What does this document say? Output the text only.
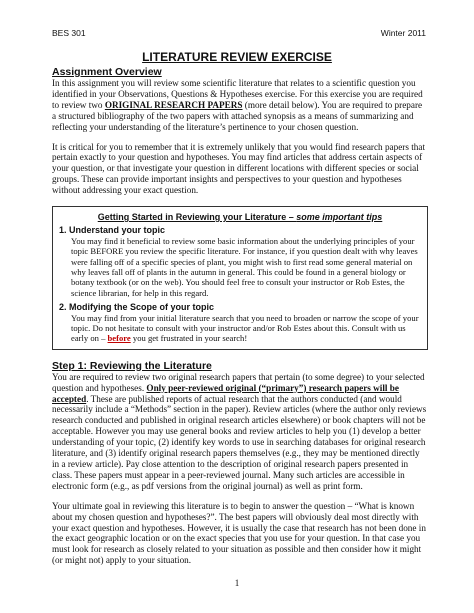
BES 301	Winter 2011
LITERATURE REVIEW EXERCISE
Assignment Overview

In this assignment you will review some scientific literature that relates to a scientific question you identified in your Observations, Questions & Hypotheses exercise. For this exercise you are required to review two ORIGINAL RESEARCH PAPERS (more detail below). You are required to prepare a structured bibliography of the two papers with attached synopsis as a means of summarizing and reflecting your understanding of the literature’s pertinence to your chosen question.

It is critical for you to remember that it is extremely unlikely that you would find research papers that pertain exactly to your question and hypotheses. You may find articles that address certain aspects of your question, or that investigate your question in different locations with different species or social groups. These can provide important insights and perspectives to your question and hypotheses without addressing your exact question.

Getting Started in Reviewing your Literature – some important tips
1. Understand your topic

You may find it beneficial to review some basic information about the underlying principles of your topic BEFORE you review the specific literature. For instance, if you question dealt with why leaves were falling off of a specific species of plant, you might wish to first read some general material on why leaves fall off of plants in the autumn in general. This could be found in a general biology or botany textbook (or on the web). You should feel free to consult your instructor or Rob Estes, the science librarian, for help in this regard.

2. Modifying the Scope of your topic

You may find from your initial literature search that you need to broaden or narrow the scope of your topic. Do not hesitate to consult with your instructor and/or Rob Estes about this. Consult with us early on – before you get frustrated in your search!

Step 1: Reviewing the Literature

You are required to review two original research papers that pertain (to some degree) to your selected question and hypotheses. Only peer-reviewed original (“primary”) research papers will be accepted. These are published reports of actual research that the authors conducted (and would necessarily include a “Methods” section in the paper). Review articles (where the author only reviews research conducted and published in original research articles elsewhere) or book chapters will not be acceptable. However you may use general books and review articles to help you (1) develop a better understanding of your topic, (2) identify key words to use in searching databases for original research literature, and (3) identify original research papers themselves (e.g., they may be mentioned directly in a review article). Pay close attention to the description of original research papers presented in class. These papers must appear in a peer-reviewed journal. Many such articles are accessible in electronic form (e.g., as pdf versions from the original journal) as well as print form.

Your ultimate goal in reviewing this literature is to begin to answer the question – “What is known about my chosen question and hypotheses?”. The best papers will obviously deal most directly with your exact question and hypotheses. However, it is usually the case that research has not been done in the exact geographic location or on the exact species that you use for your question. In that case you must look for research as closely related to your situation as possible and then consider how it might (or might not) apply to your situation.

1
